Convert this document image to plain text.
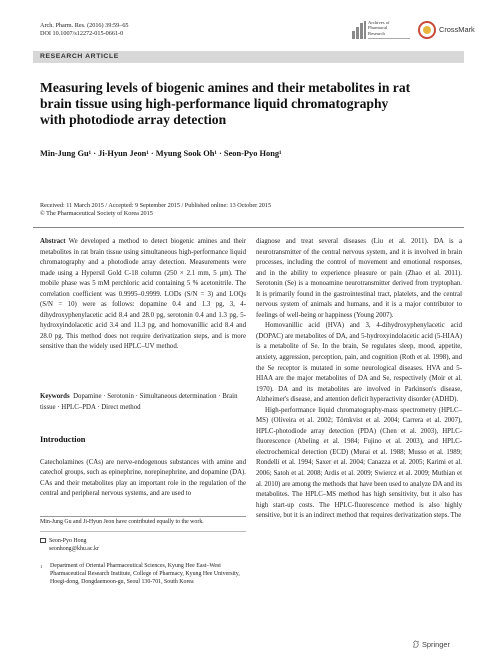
Arch. Pharm. Res. (2016) 39:59–65
DOI 10.1007/s12272-015-0661-0
Archives of
Pharmacal
Research	CrossMark
RESEARCH ARTICLE
Measuring levels of biogenic amines and their metabolites in rat
brain tissue using high-performance liquid chromatography
with photodiode array detection
Min-Jung Gu¹ · Ji-Hyun Jeon¹ · Myung Sook Oh¹ · Seon-Pyo Hong¹
Received: 11 March 2015 / Accepted: 9 September 2015 / Published online: 13 October 2015
© The Pharmaceutical Society of Korea 2015

Abstract We developed a method to detect biogenic amines and their metabolites in rat brain tissue using simultaneous high-performance liquid chromatography and a photodiode array detection. Measurements were made using a Hypersil Gold C-18 column (250 × 2.1 mm, 5 μm). The mobile phase was 5 mM perchloric acid containing 5 % acetonitrile. The correlation coefficient was 0.9995–0.9999. LODs (S/N = 3) and LOQs (S/N = 10) were as follows: dopamine 0.4 and 1.3 pg, 3, 4-dihydroxyphenylacetic acid 8.4 and 28.0 pg, serotonin 0.4 and 1.3 pg, 5-hydroxyindolacetic acid 3.4 and 11.3 pg, and homovanillic acid 8.4 and 28.0 pg. This method does not require derivatization steps, and is more sensitive than the widely used HPLC–UV method.

Keywords Dopamine · Serotonin · Simultaneous determination · Brain tissue · HPLC–PDA · Direct method
Introduction
Catecholamines (CAs) are nerve-endogenous substances with amine and catechol groups, such as epinephrine, norepinephrine, and dopamine (DA). CAs and their metabolites play an important role in the regulation of the central and peripheral nervous systems, and are used to
Min-Jung Gu and Ji-Hyun Jeon have contributed equally to the work.
Seon-Pyo Hong
seonhong@khu.ac.kr
1 Department of Oriental Pharmaceutical Sciences, Kyung Hee East–West Pharmaceutical Research Institute, College of Pharmacy, Kyung Hee University, Hoegi-dong, Dongdaemoon-gu, Seoul 130-701, South Korea

diagnose and treat several diseases (Liu et al. 2011). DA is a neurotransmitter of the central nervous system, and it is involved in brain processes, including the control of movement and emotional responses, and in the ability to experience pleasure or pain (Zhao et al. 2011). Serotonin (Se) is a monoamine neurotransmitter derived from tryptophan. It is primarily found in the gastrointestinal tract, platelets, and the central nervous system of animals and humans, and it is a major contributor to feelings of well-being or happiness (Young 2007).

Homovanillic acid (HVA) and 3, 4-dihydroxyphenylacetic acid (DOPAC) are metabolites of DA, and 5-hydroxyindolacetic acid (5-HIAA) is a metabolite of Se. In the brain, Se regulates sleep, mood, appetite, anxiety, aggression, perception, pain, and cognition (Roth et al. 1998), and the Se receptor is mutated in some neurological diseases. HVA and 5-HIAA are the major metabolites of DA and Se, respectively (Moir et al. 1970). DA and its metabolites are involved in Parkinson's disease, Alzheimer's disease, and attention deficit hyperactivity disorder (ADHD).

High-performance liquid chromatography-mass spectrometry (HPLC–MS) (Oliveira et al. 2002; Törnkvist et al. 2004; Carrera et al. 2007), HPLC-photodiode array detection (PDA) (Chen et al. 2003), HPLC-fluorescence (Abeling et al. 1984; Fujino et al. 2003), and HPLC-electrochemical detection (ECD) (Murai et al. 1988; Musso et al. 1989; Rondelli et al. 1994; Saxer et al. 2004; Canazza et al. 2005; Karimi et al. 2006; Satoh et al. 2008; Ardis et al. 2009; Swiercz et al. 2009; Muthian et al. 2010) are among the methods that have been used to analyze DA and its metabolites. The HPLC–MS method has high sensitivity, but it also has high start-up costs. The HPLC-fluorescence method is also highly sensitive, but it is an indirect method that requires derivatization steps. The

Springer
